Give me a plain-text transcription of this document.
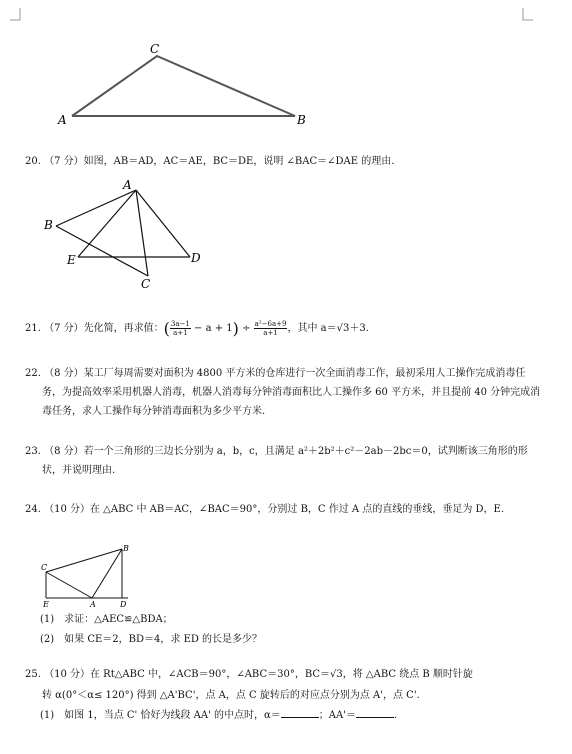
A
C
B
20. （7 分）如图，AB＝AD，AC＝AE，BC＝DE，说明 ∠BAC＝∠DAE 的理由.
A
B
E	D
C
21. （7 分）先化简，再求值：( $\frac{3a-1}{a+1} - a + 1) \div \frac{\text{a²−6a+9}}{a+1}$ ，其中 a＝√3＋3.
22. （8 分）某工厂每周需要对面积为 4800 平方米的仓库进行一次全面消毒工作，最初采用人工操作完成消毒任务，为提高效率采用机器人消毒，机器人消毒每分钟消毒面积比人工操作多 60 平方米，并且提前 40 分钟完成消毒任务，求人工操作每分钟消毒面积为多少平方米.
23. （8 分）若一个三角形的三边长分别为 a，b，c，且满足 a²＋2b²＋c²－2ab－2bc＝0，试判断该三角形的形状，并说明理由.
24. （10 分）在 △ABC 中 AB＝AC，∠BAC＝90°，分别过 B，C 作过 A 点的直线的垂线，垂足为 D，E.
C
B
E	A	D
(1)　求证：△AEC≌△BDA；
(2)　如果 CE＝2，BD＝4，求 ED 的长是多少？
25. （10 分）在 Rt△ABC 中，∠ACB＝90°，∠ABC＝30°，BC＝√3，将 △ABC 绕点 B 顺时针旋
转 α(0°＜α≤ 120°) 得到 △A'BC'，点 A，点 C 旋转后的对应点分别为点 A'，点 C'.
(1)　如图 1，当点 C' 恰好为线段 AA' 的中点时，α＝	；AA'＝	.
